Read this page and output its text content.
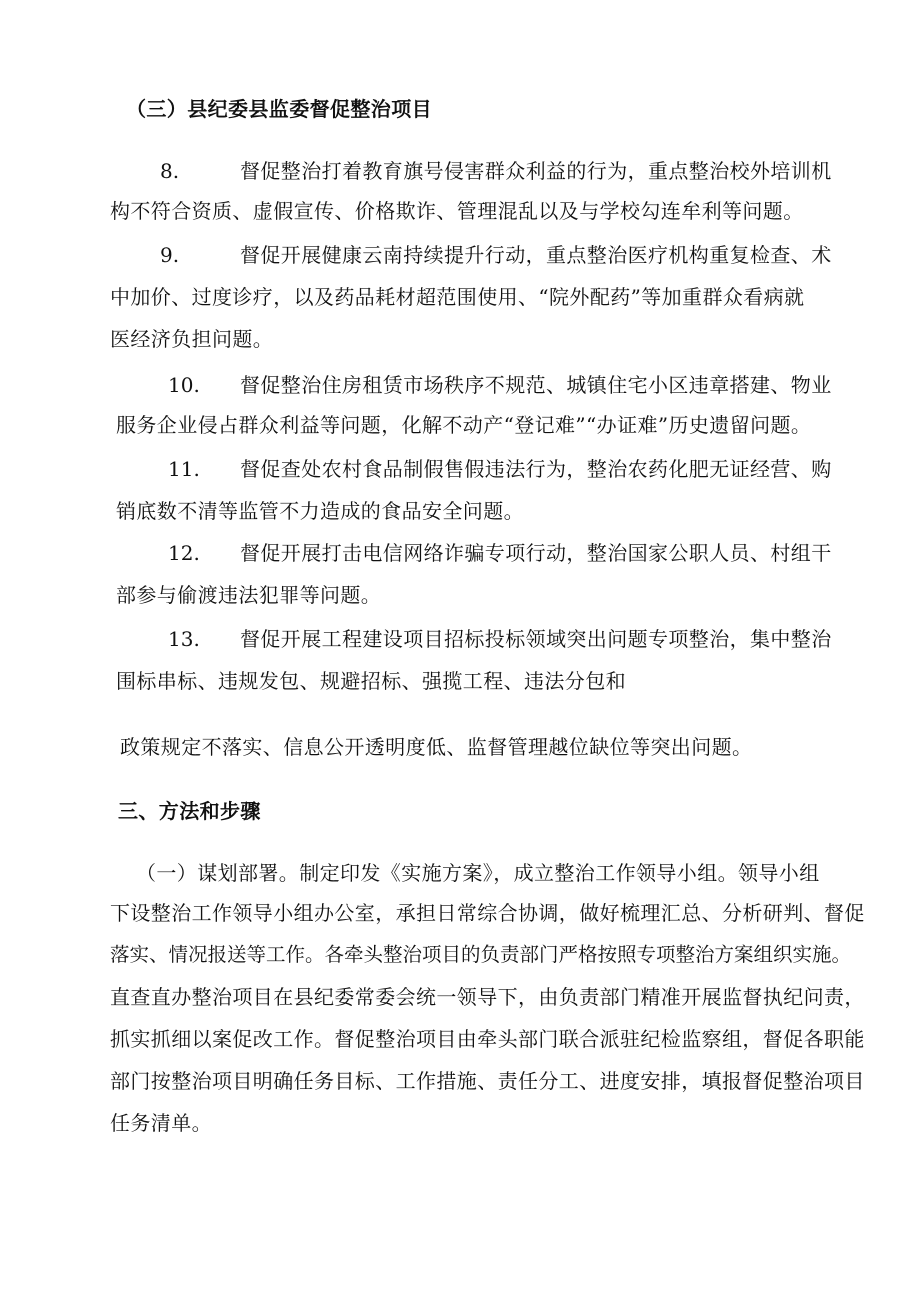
（三）县纪委县监委督促整治项目
8.	督促整治打着教育旗号侵害群众利益的行为，重点整治校外培训机
构不符合资质、虚假宣传、价格欺诈、管理混乱以及与学校勾连牟利等问题。
9.	督促开展健康云南持续提升行动，重点整治医疗机构重复检查、术
中加价、过度诊疗，以及药品耗材超范围使用、“院外配药”等加重群众看病就
医经济负担问题。
10. 督促整治住房租赁市场秩序不规范、城镇住宅小区违章搭建、物业
服务企业侵占群众利益等问题，化解不动产“登记难”“办证难”历史遗留问题。
11. 督促查处农村食品制假售假违法行为，整治农药化肥无证经营、购
销底数不清等监管不力造成的食品安全问题。
12. 督促开展打击电信网络诈骗专项行动，整治国家公职人员、村组干
部参与偷渡违法犯罪等问题。
13. 督促开展工程建设项目招标投标领域突出问题专项整治，集中整治
围标串标、违规发包、规避招标、强揽工程、违法分包和
政策规定不落实、信息公开透明度低、监督管理越位缺位等突出问题。
三、方法和步骤
（一）谋划部署。制定印发《实施方案》，成立整治工作领导小组。领导小组
下设整治工作领导小组办公室，承担日常综合协调，做好梳理汇总、分析研判、督促
落实、情况报送等工作。各牵头整治项目的负责部门严格按照专项整治方案组织实施。
直查直办整治项目在县纪委常委会统一领导下，由负责部门精准开展监督执纪问责，
抓实抓细以案促改工作。督促整治项目由牵头部门联合派驻纪检监察组，督促各职能
部门按整治项目明确任务目标、工作措施、责任分工、进度安排，填报督促整治项目
任务清单。
